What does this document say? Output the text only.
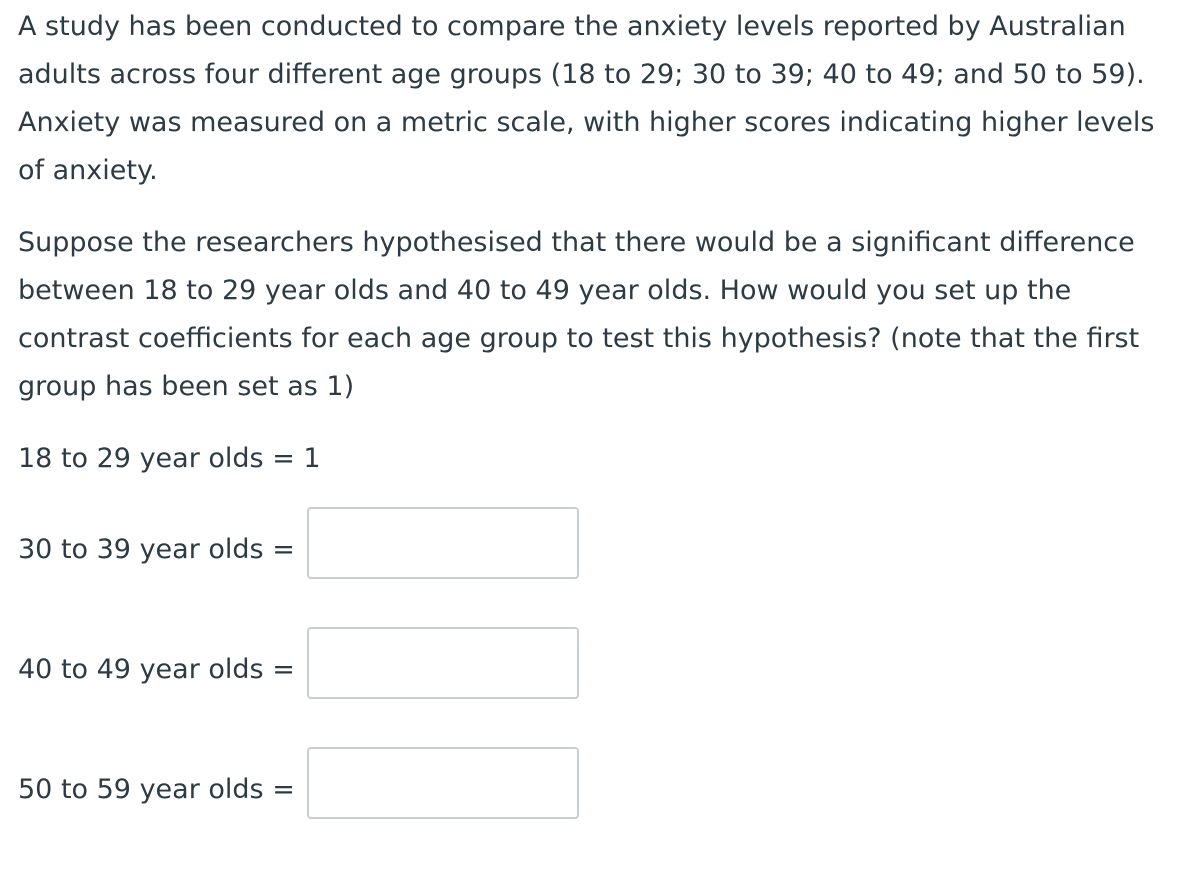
A study has been conducted to compare the anxiety levels reported by Australian adults across four different age groups (18 to 29; 30 to 39; 40 to 49; and 50 to 59). Anxiety was measured on a metric scale, with higher scores indicating higher levels of anxiety.

Suppose the researchers hypothesised that there would be a significant difference between 18 to 29 year olds and 40 to 49 year olds. How would you set up the contrast coefficients for each age group to test this hypothesis? (note that the first group has been set as 1)

18 to 29 year olds = 1
30 to 39 year olds =
40 to 49 year olds =
50 to 59 year olds =
